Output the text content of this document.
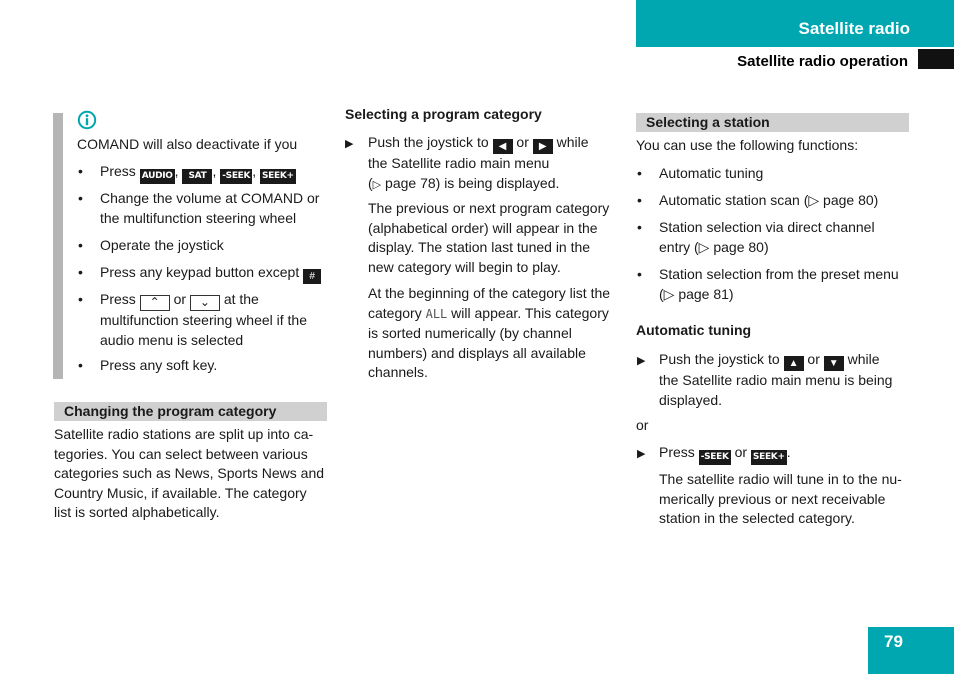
Satellite radio
Satellite radio operation
79

COMAND will also deactivate if you

• Press AUDIO , SAT , -SEEK , SEEK+

• Change the volume at COMAND or
the multifunction steering wheel

• Operate the joystick

• Press any keypad button except #

• Press ⌃ or ⌄ at the
multifunction steering wheel if the
audio menu is selected

• Press any soft key.

Changing the program category
Satellite radio stations are split up into ca-
tegories. You can select between various
categories such as News, Sports News and
Country Music, if available. The category
list is sorted alphabetically.
Selecting a program category
▶ Push the joystick to ◀ or ▶ while
the Satellite radio main menu
(▷ page 78) is being displayed.
The previous or next program category
(alphabetical order) will appear in the
display. The station last tuned in the
new category will begin to play.
At the beginning of the category list the
category ALL will appear. This category
is sorted numerically (by channel
numbers) and displays all available
channels.
Selecting a station
You can use the following functions:
• Automatic tuning
• Automatic station scan (▷ page 80)
• Station selection via direct channel
entry (▷ page 80)
• Station selection from the preset menu
(▷ page 81)
Automatic tuning
▶ Push the joystick to ▲ or ▼ while
the Satellite radio main menu is being
displayed.
or
▶ Press -SEEK or SEEK+ .
The satellite radio will tune in to the nu-
merically previous or next receivable
station in the selected category.
